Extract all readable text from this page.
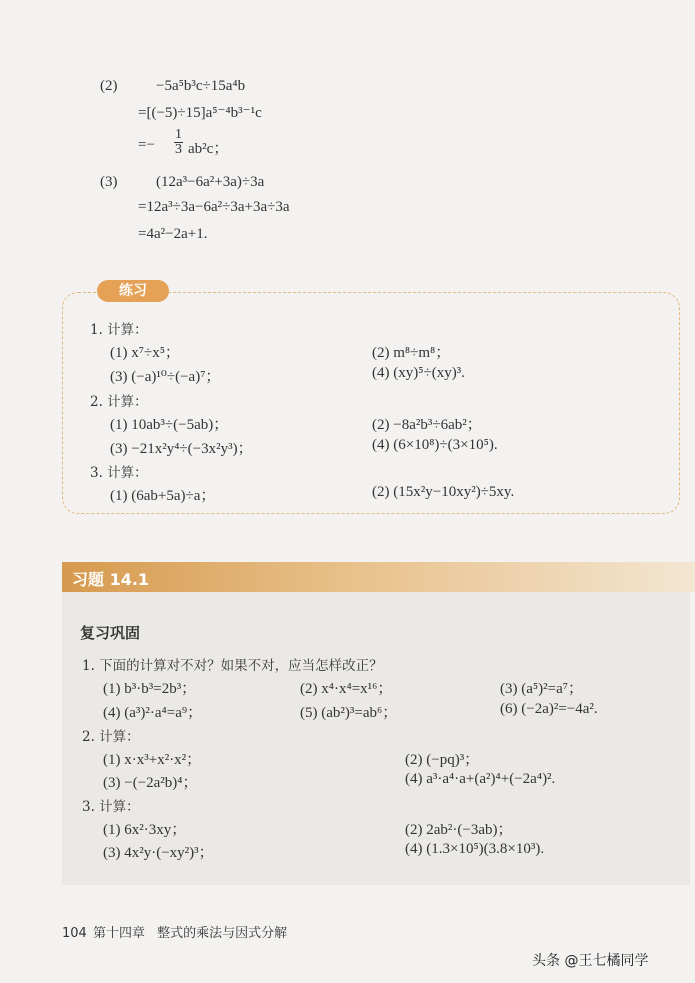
(2)	−5a⁵b³c÷15a⁴b
=[(−5)÷15]a⁵⁻⁴b³⁻¹c
=− $\frac{1}{3} ab^2c$；
(3)	(12a³−6a²+3a)÷3a
=12a³÷3a−6a²÷3a+3a÷3a
=4a²−2a+1.
练习
1. 计算：
(1) x⁷÷x⁵；	(2) m⁸÷m⁸；
(3) (−a)¹⁰÷(−a)⁷；	(4) (xy)⁵÷(xy)³.
2. 计算：
(1) 10ab³÷(−5ab)；	(2) −8a²b³÷6ab²；
(3) −21x²y⁴÷(−3x²y³)；	(4) (6×10⁸)÷(3×10⁵).
3. 计算：
(1) (6ab+5a)÷a；	(2) (15x²y−10xy²)÷5xy.
习题 14.1
复习巩固
1. 下面的计算对不对？如果不对，应当怎样改正？
(1) b³·b³=2b³；	(2) x⁴·x⁴=x¹⁶；	(3) (a⁵)²=a⁷；
(4) (a³)²·a⁴=a⁹；	(5) (ab²)³=ab⁶；	(6) (−2a)²=−4a².
2. 计算：
(1) x·x³+x²·x²；	(2) (−pq)³；
(3) −(−2a²b)⁴；	(4) a³·a⁴·a+(a²)⁴+(−2a⁴)².
3. 计算：
(1) 6x²·3xy；	(2) 2ab²·(−3ab)；
(3) 4x²y·(−xy²)³；	(4) (1.3×10⁵)(3.8×10³).
104 第十四章 整式的乘法与因式分解
头条 @王七橘同学
